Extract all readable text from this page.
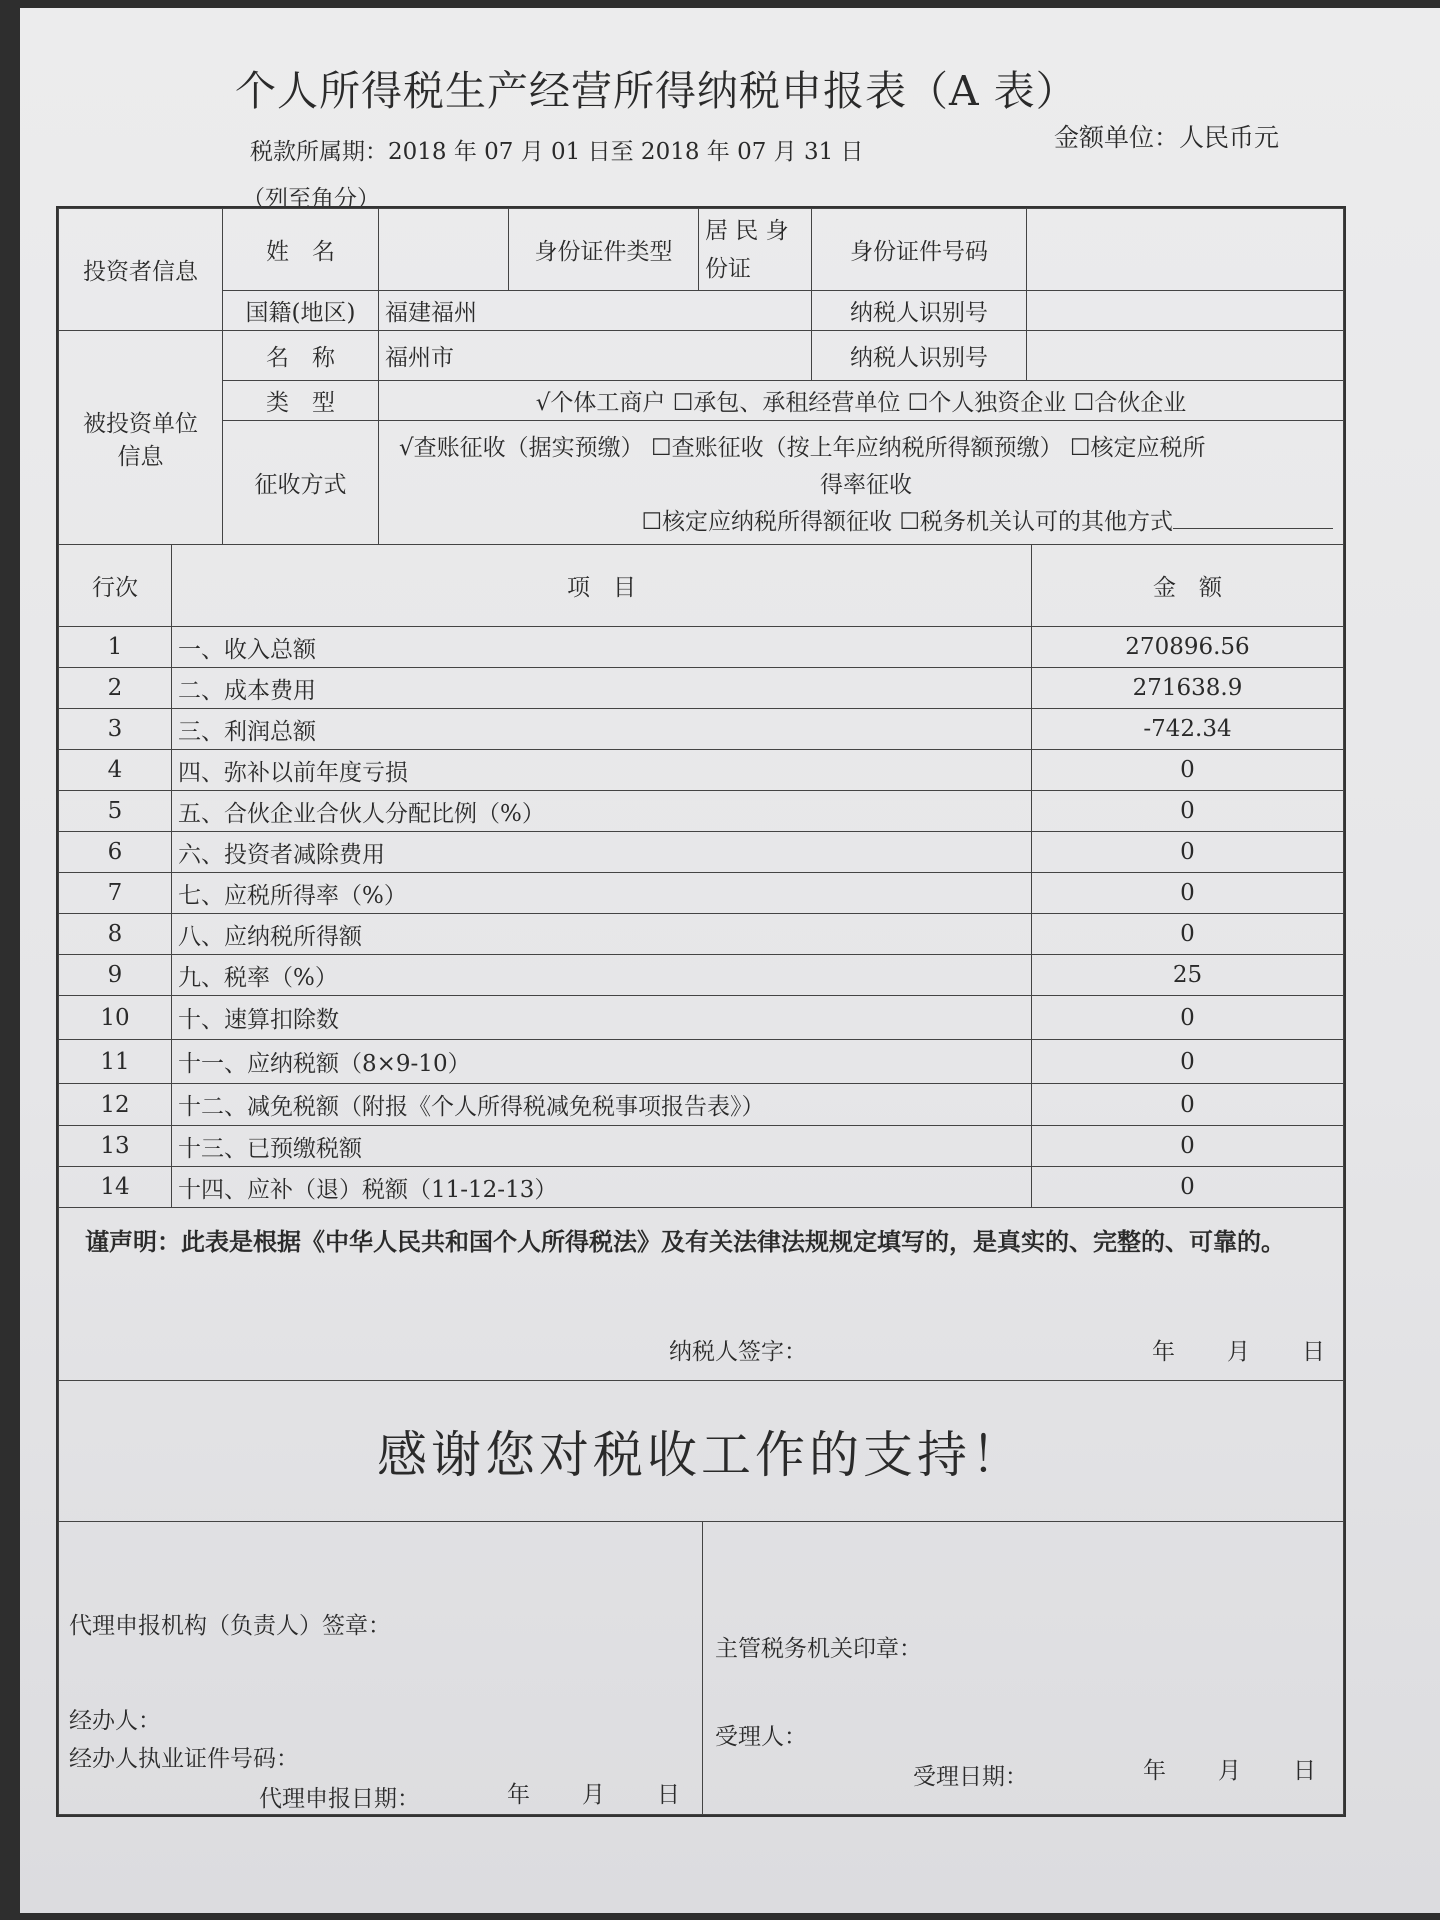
个人所得税生产经营所得纳税申报表（A 表）
税款所属期：2018 年 07 月 01 日至 2018 年 07 月 31 日	金额单位：人民币元
（列至角分）
投资者信息	姓　名		身份证件类型	居 民 身 份证	身份证件号码	
	国籍(地区)	福建福州			纳税人识别号	
被投资单位信息	名　称	福州市			纳税人识别号	
	类　型	√个体工商户 ☐承包、承租经营单位 ☐个人独资企业 ☐合伙企业				
	征收方式	√查账征收（据实预缴） ☐查账征收（按上年应纳税所得额预缴） ☐核定应税所
得率征收
☐核定应纳税所得额征收 ☐税务机关认可的其他方式				
行次	项　目	金　额
1	一、收入总额	270896.56
2	二、成本费用	271638.9
3	三、利润总额	-742.34
4	四、弥补以前年度亏损	0
5	五、合伙企业合伙人分配比例（%）	0
6	六、投资者减除费用	0
7	七、应税所得率（%）	0
8	八、应纳税所得额	0
9	九、税率（%）	25
10	十、速算扣除数	0
11	十一、应纳税额（8×9-10）	0
12	十二、减免税额（附报《个人所得税减免税事项报告表》）	0
13	十三、已预缴税额	0
14	十四、应补（退）税额（11-12-13）	0
谨声明：此表是根据《中华人民共和国个人所得税法》及有关法律法规规定填写的，是真实的、完整的、可靠的。
纳税人签字：	年　　月　　日
感谢您对税收工作的支持！
代理申报机构（负责人）签章：
经办人：
经办人执业证件号码：
代理申报日期：	年　　月　　日
主管税务机关印章：
受理人：
受理日期：	年　　月　　日
